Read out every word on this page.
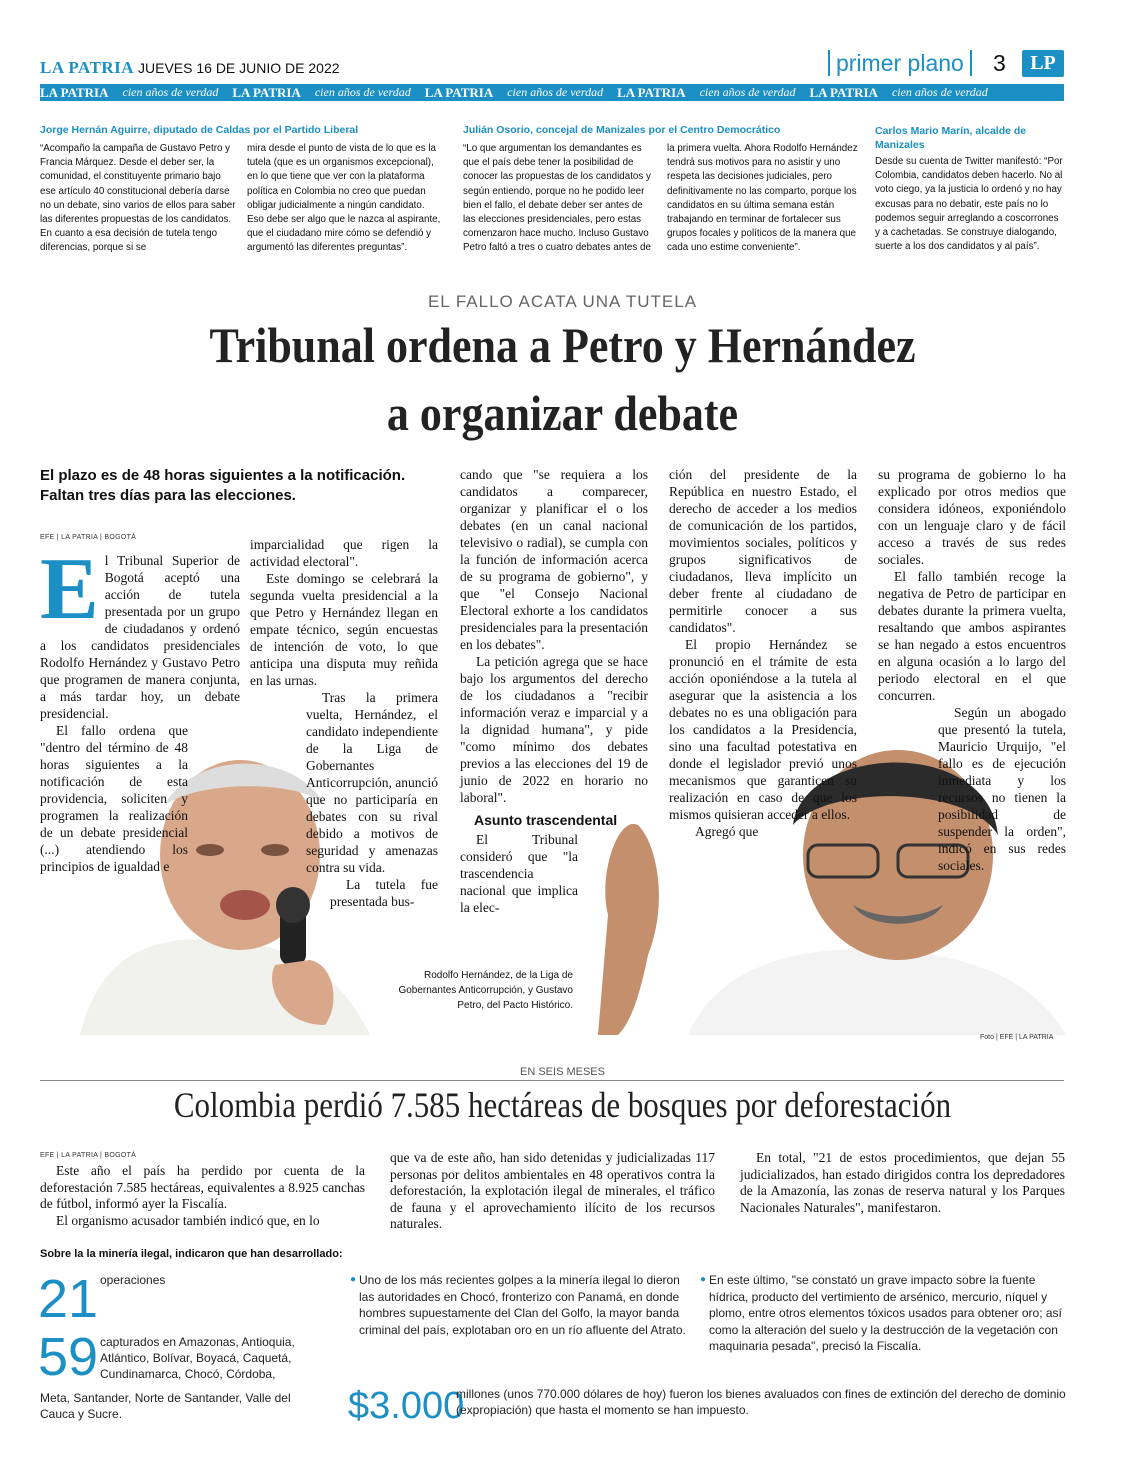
LA PATRIA JUEVES 16 DE JUNIO DE 2022	primer plano	3	LP
LA PATRIA cien años de verdad LA PATRIA cien años de verdad LA PATRIA cien años de verdad LA PATRIA cien años de verdad LA PATRIA cien años de verdad
Jorge Hernán Aguirre, diputado de Caldas por el Partido Liberal
“Acompaño la campaña de Gustavo Petro y Francia Márquez. Desde el deber ser, la comunidad, el constituyente primario bajo ese artículo 40 constitucional debería darse no un debate, sino varios de ellos para saber las diferentes propuestas de los candidatos. En cuanto a esa decisión de tutela tengo diferencias, porque si se
mira desde el punto de vista de lo que es la tutela (que es un organismos excepcional), en lo que tiene que ver con la plataforma política en Colombia no creo que puedan obligar judicialmente a ningún candidato. Eso debe ser algo que le nazca al aspirante, que el ciudadano mire cómo se defendió y argumentó las diferentes preguntas”.
Julián Osorio, concejal de Manizales por el Centro Democrático
“Lo que argumentan los demandantes es que el país debe tener la posibilidad de conocer las propuestas de los candidatos y según entiendo, porque no he podido leer bien el fallo, el debate deber ser antes de las elecciones presidenciales, pero estas comenzaron hace mucho. Incluso Gustavo Petro faltó a tres o cuatro debates antes de
la primera vuelta. Ahora Rodolfo Hernández tendrá sus motivos para no asistir y uno respeta las decisiones judiciales, pero definitivamente no las comparto, porque los candidatos en su última semana están trabajando en terminar de fortalecer sus grupos focales y políticos de la manera que cada uno estime conveniente”.
Carlos Mario Marín, alcalde de Manizales
Desde su cuenta de Twitter manifestó: “Por Colombia, candidatos deben hacerlo. No al voto ciego, ya la justicia lo ordenó y no hay excusas para no debatir, este país no lo podemos seguir arreglando a coscorrones y a cachetadas. Se construye dialogando, suerte a los dos candidatos y al país”.
EL FALLO ACATA UNA TUTELA
Tribunal ordena a Petro y Hernández
a organizar debate
El plazo es de 48 horas siguientes a la notificación. Faltan tres días para las elecciones.
EFE | LA PATRIA | BOGOTÁ
Rodolfo Hernández, de la Liga de Gobernantes Anticorrupción, y Gustavo Petro, del Pacto Histórico.
Foto | EFE | LA PATRIA

El Tribunal Superior de Bogotá aceptó una acción de tutela presentada por un grupo de ciudadanos y ordenó a los candidatos presidenciales Rodolfo Hernández y Gustavo Petro que programen de manera conjunta, a más tardar hoy, un debate presidencial.

El fallo ordena que "dentro del término de 48 horas siguientes a la notificación de esta providencia, soliciten y programen la realización de un debate presidencial (...) atendiendo los principios de igualdad e

imparcialidad que rigen la actividad electoral".

Este domingo se celebrará la segunda vuelta presidencial a la que Petro y Hernández llegan en empate técnico, según encuestas de intención de voto, lo que anticipa una disputa muy reñida en las urnas.

Tras la primera vuelta, Hernández, el candidato independiente de la Liga de Gobernantes Anticorrupción, anunció que no participaría en debates con su rival debido a motivos de seguridad y amenazas contra su vida.

La tutela fue presentada bus-

cando que "se requiera a los candidatos a comparecer, organizar y planificar el o los debates (en un canal nacional televisivo o radial), se cumpla con la función de información acerca de su programa de gobierno", y que "el Consejo Nacional Electoral exhorte a los candidatos presidenciales para la presentación en los debates".

La petición agrega que se hace bajo los argumentos del derecho de los ciudadanos a "recibir información veraz e imparcial y a la dignidad humana", y pide "como mínimo dos debates previos a las elecciones del 19 de junio de 2022 en horario no laboral".

Asunto trascendental

El Tribunal consideró que "la trascendencia nacional que implica la elec-

ción del presidente de la República en nuestro Estado, el derecho de acceder a los medios de comunicación de los partidos, movimientos sociales, políticos y grupos significativos de ciudadanos, lleva implícito un deber frente al ciudadano de permitirle conocer a sus candidatos".

El propio Hernández se pronunció en el trámite de esta acción oponiéndose a la tutela al asegurar que la asistencia a los debates no es una obligación para los candidatos a la Presidencia, sino una facultad potestativa en donde el legislador previó unos mecanismos que garanticen su realización en caso de que los mismos quisieran acceder a ellos.

Agregó que

su programa de gobierno lo ha explicado por otros medios que considera idóneos, exponiéndolo con un lenguaje claro y de fácil acceso a través de sus redes sociales.

El fallo también recoge la negativa de Petro de participar en debates durante la primera vuelta, resaltando que ambos aspirantes se han negado a estos encuentros en alguna ocasión a lo largo del periodo electoral en el que concurren.

Según un abogado que presentó la tutela, Mauricio Urquijo, "el fallo es de ejecución inmediata y los recursos no tienen la posibilidad de suspender la orden", indicó en sus redes sociales.

EN SEIS MESES
Colombia perdió 7.585 hectáreas de bosques por deforestación
EFE | LA PATRIA | BOGOTÁ

Este año el país ha perdido por cuenta de la deforestación 7.585 hectáreas, equivalentes a 8.925 canchas de fútbol, informó ayer la Fiscalía.

El organismo acusador también indicó que, en lo

que va de este año, han sido detenidas y judicializadas 117 personas por delitos ambientales en 48 operativos contra la deforestación, la explotación ilegal de minerales, el tráfico de fauna y el aprovechamiento ilícito de los recursos naturales.

En total, "21 de estos procedimientos, que dejan 55 judicializados, han estado dirigidos contra los depredadores de la Amazonía, las zonas de reserva natural y los Parques Nacionales Naturales", manifestaron.

Sobre la la minería ilegal, indicaron que han desarrollado:
21 operaciones
59 capturados en Amazonas, Antioquia, Atlántico, Bolívar, Boyacá, Caquetá, Cundinamarca, Chocó, Córdoba,
Meta, Santander, Norte de Santander, Valle del Cauca y Sucre.
● Uno de los más recientes golpes a la minería ilegal lo dieron las autoridades en Chocó, fronterizo con Panamá, en donde hombres supuestamente del Clan del Golfo, la mayor banda criminal del país, explotaban oro en un río afluente del Atrato.
● En este último, "se constató un grave impacto sobre la fuente hídrica, producto del vertimiento de arsénico, mercurio, níquel y plomo, entre otros elementos tóxicos usados para obtener oro; así como la alteración del suelo y la destrucción de la vegetación con maquinaria pesada", precisó la Fiscalía.
$3.000
millones (unos 770.000 dólares de hoy) fueron los bienes avaluados con fines de extinción del derecho de dominio (expropiación) que hasta el momento se han impuesto.
